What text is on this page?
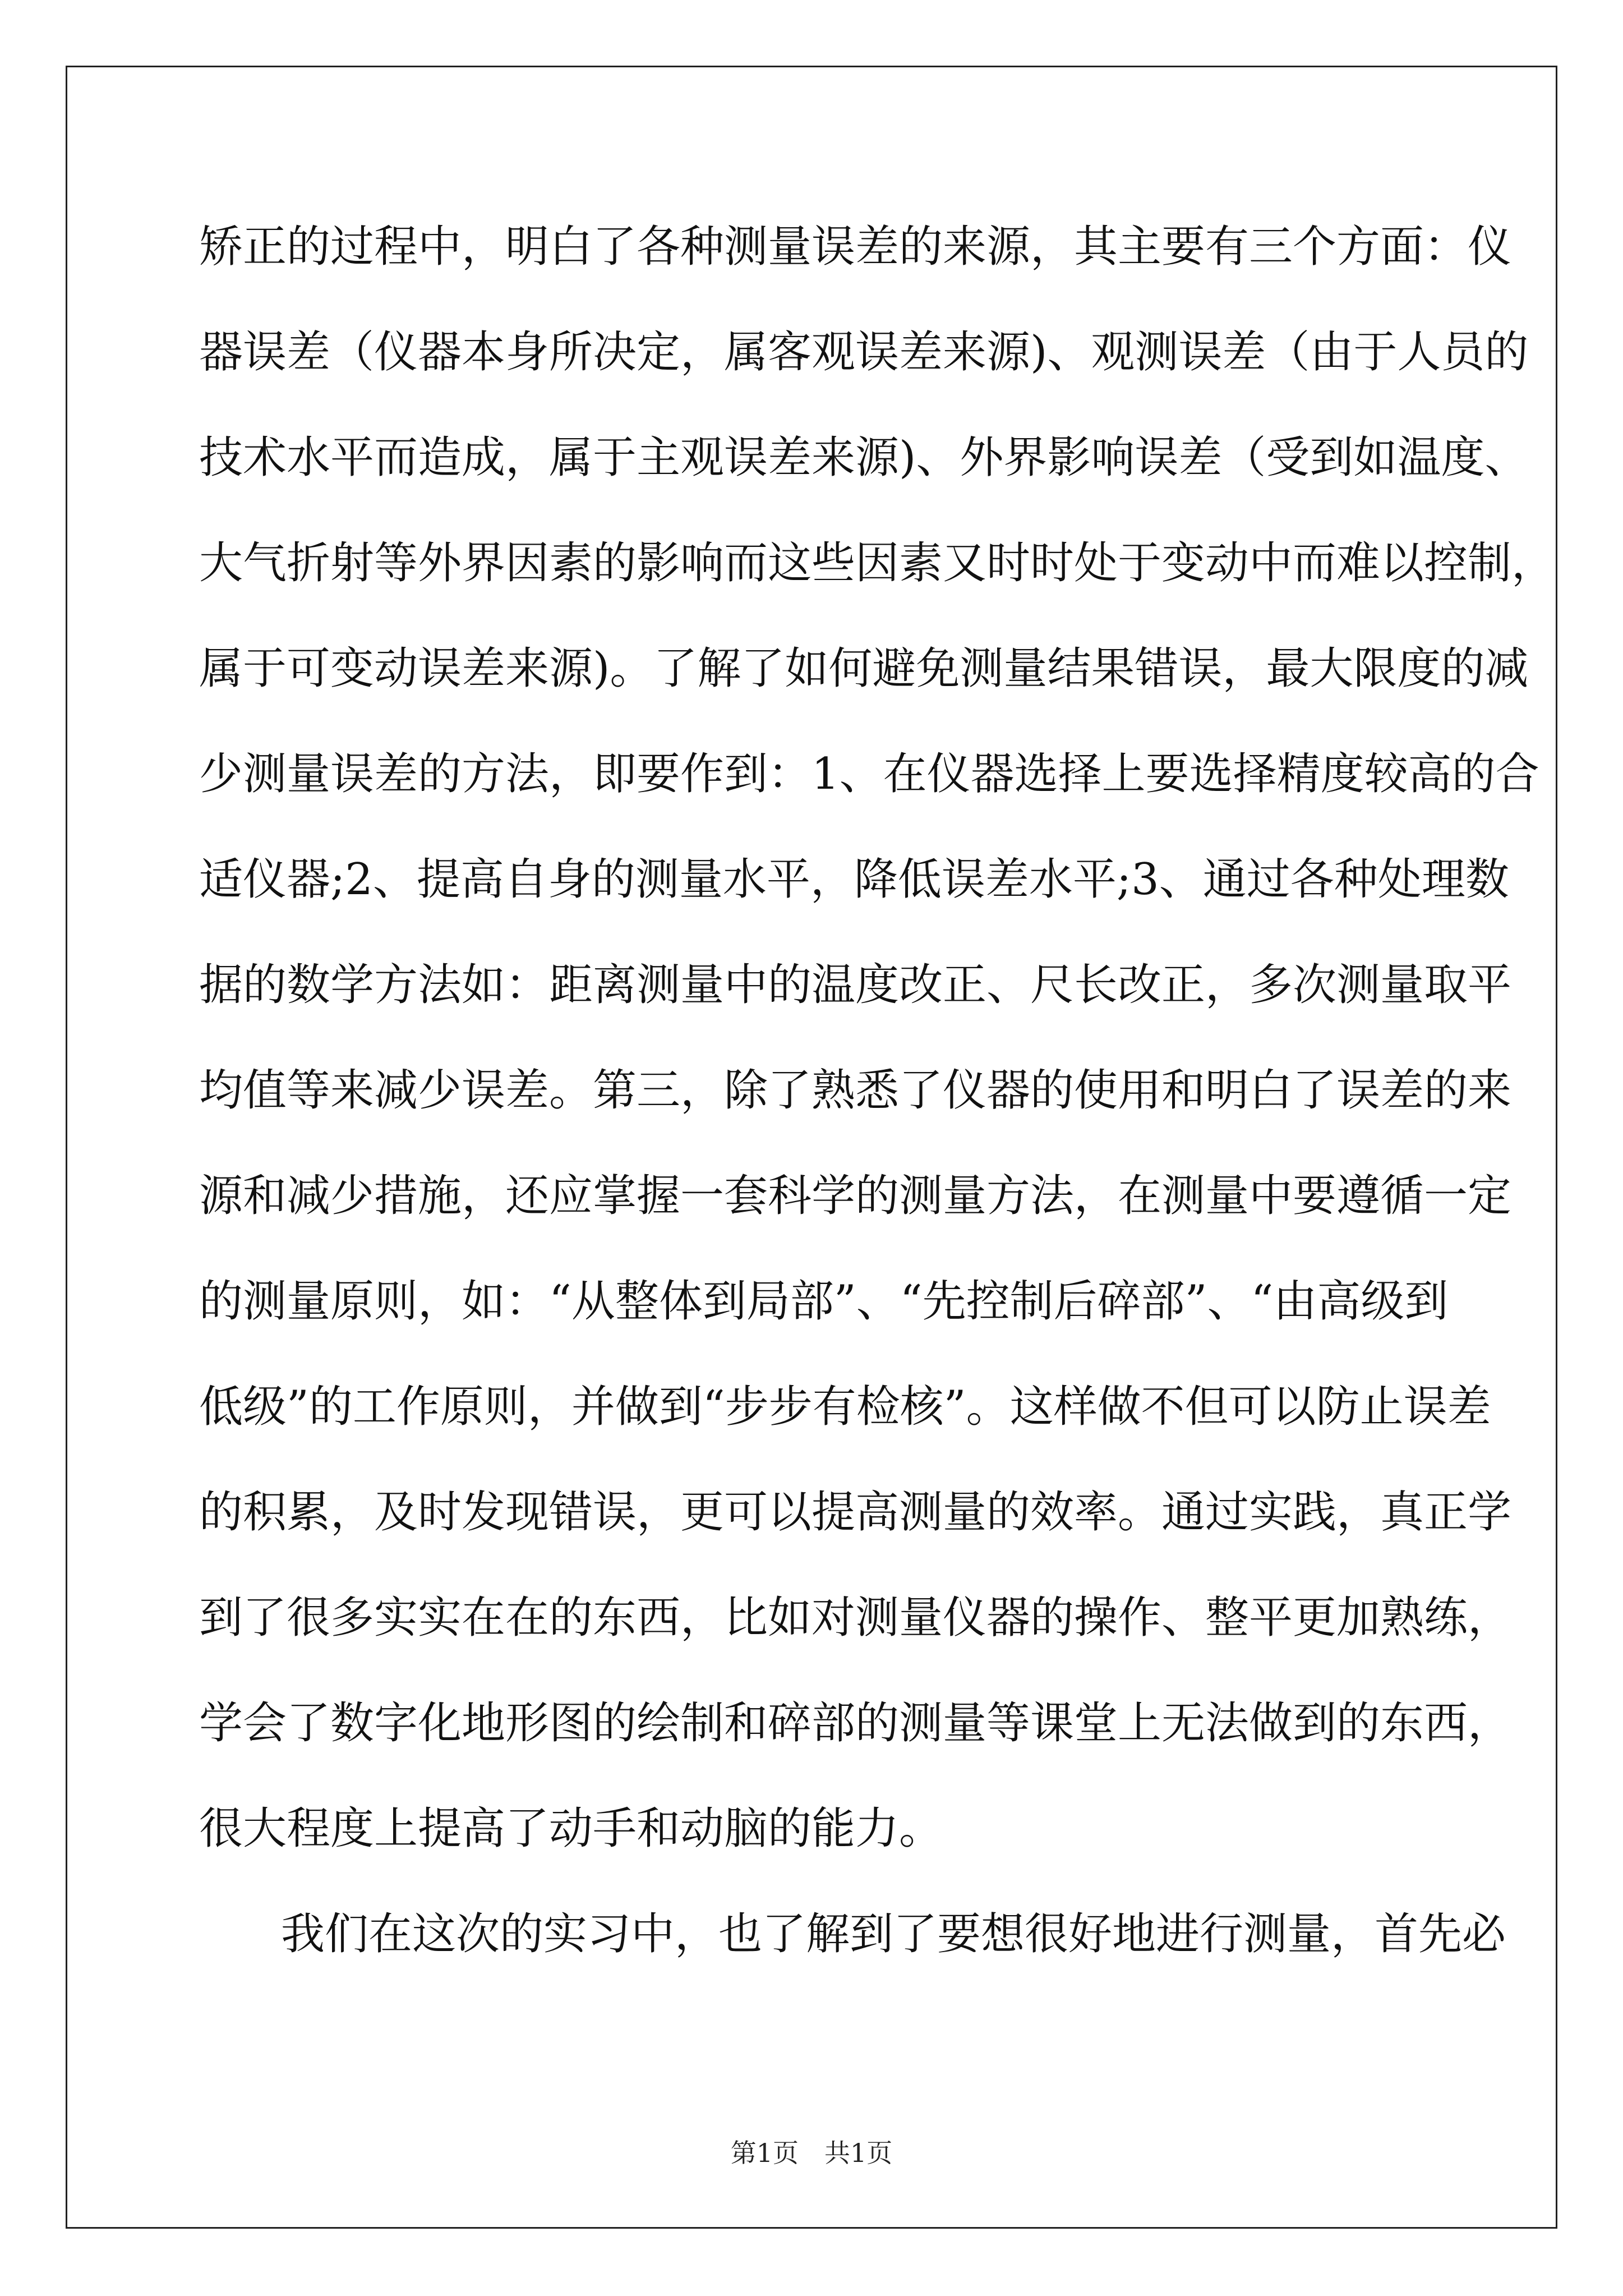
矫正的过程中，明白了各种测量误差的来源，其主要有三个方面：仪
器误差（仪器本身所决定，属客观误差来源)、观测误差（由于人员的
技术水平而造成，属于主观误差来源)、外界影响误差（受到如温度、
大气折射等外界因素的影响而这些因素又时时处于变动中而难以控制，
属于可变动误差来源)。了解了如何避免测量结果错误，最大限度的减
少测量误差的方法，即要作到：1、在仪器选择上要选择精度较高的合
适仪器;2、提高自身的测量水平，降低误差水平;3、通过各种处理数
据的数学方法如：距离测量中的温度改正、尺长改正，多次测量取平
均值等来减少误差。第三，除了熟悉了仪器的使用和明白了误差的来
源和减少措施，还应掌握一套科学的测量方法，在测量中要遵循一定
的测量原则，如：“从整体到局部”、“先控制后碎部”、“由高级到
低级”的工作原则，并做到“步步有检核”。这样做不但可以防止误差
的积累，及时发现错误，更可以提高测量的效率。通过实践，真正学
到了很多实实在在的东西，比如对测量仪器的操作、整平更加熟练，
学会了数字化地形图的绘制和碎部的测量等课堂上无法做到的东西，
很大程度上提高了动手和动脑的能力。
我们在这次的实习中，也了解到了要想很好地进行测量，首先必
第1页　共1页
